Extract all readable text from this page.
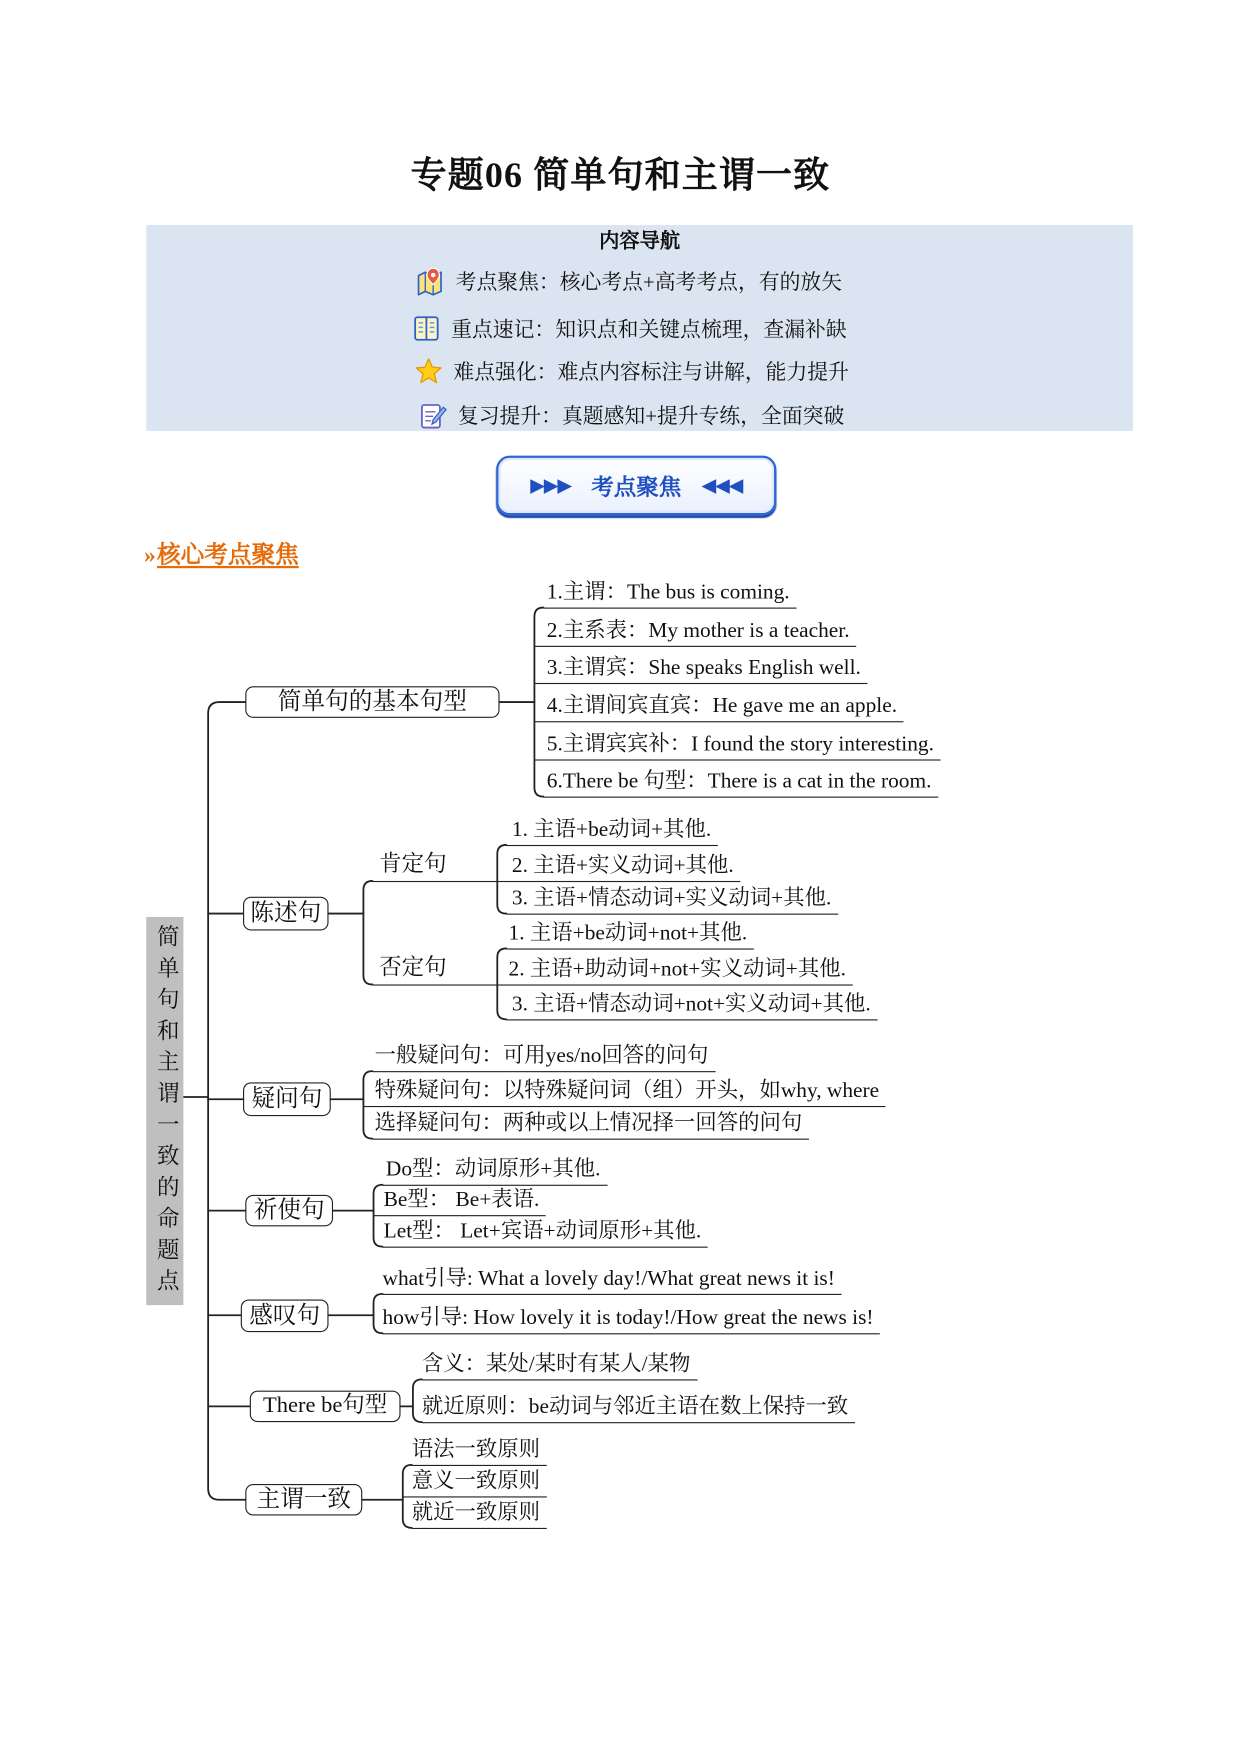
专题06 简单句和主谓一致
内容导航
考点聚焦：核心考点+高考考点，有的放矢
重点速记：知识点和关键点梳理，查漏补缺
难点强化：难点内容标注与讲解，能力提升
复习提升：真题感知+提升专练，全面突破
▶▶▶ 考点聚焦 ◀◀◀
»核心考点聚焦
简单句和主谓一致的命题点
简单句的基本句型
1.主谓：The bus is coming.
2.主系表：My mother is a teacher.
3.主谓宾：She speaks English well.
4.主谓间宾直宾：He gave me an apple.
5.主谓宾宾补：I found the story interesting.
6.There be 句型：There is a cat in the room.
陈述句
肯定句
否定句
1. 主语+be动词+其他.
2. 主语+实义动词+其他.
3. 主语+情态动词+实义动词+其他.
1. 主语+be动词+not+其他.
2. 主语+助动词+not+实义动词+其他.
3. 主语+情态动词+not+实义动词+其他.
疑问句
一般疑问句：可用yes/no回答的问句
特殊疑问句：以特殊疑问词（组）开头，如why, where
选择疑问句：两种或以上情况择一回答的问句
祈使句
Do型：动词原形+其他.
Be型： Be+表语.
Let型： Let+宾语+动词原形+其他.
感叹句
what引导: What a lovely day!/What great news it is!
how引导: How lovely it is today!/How great the news is!
There be句型
含义：某处/某时有某人/某物
就近原则：be动词与邻近主语在数上保持一致
主谓一致
语法一致原则
意义一致原则
就近一致原则
